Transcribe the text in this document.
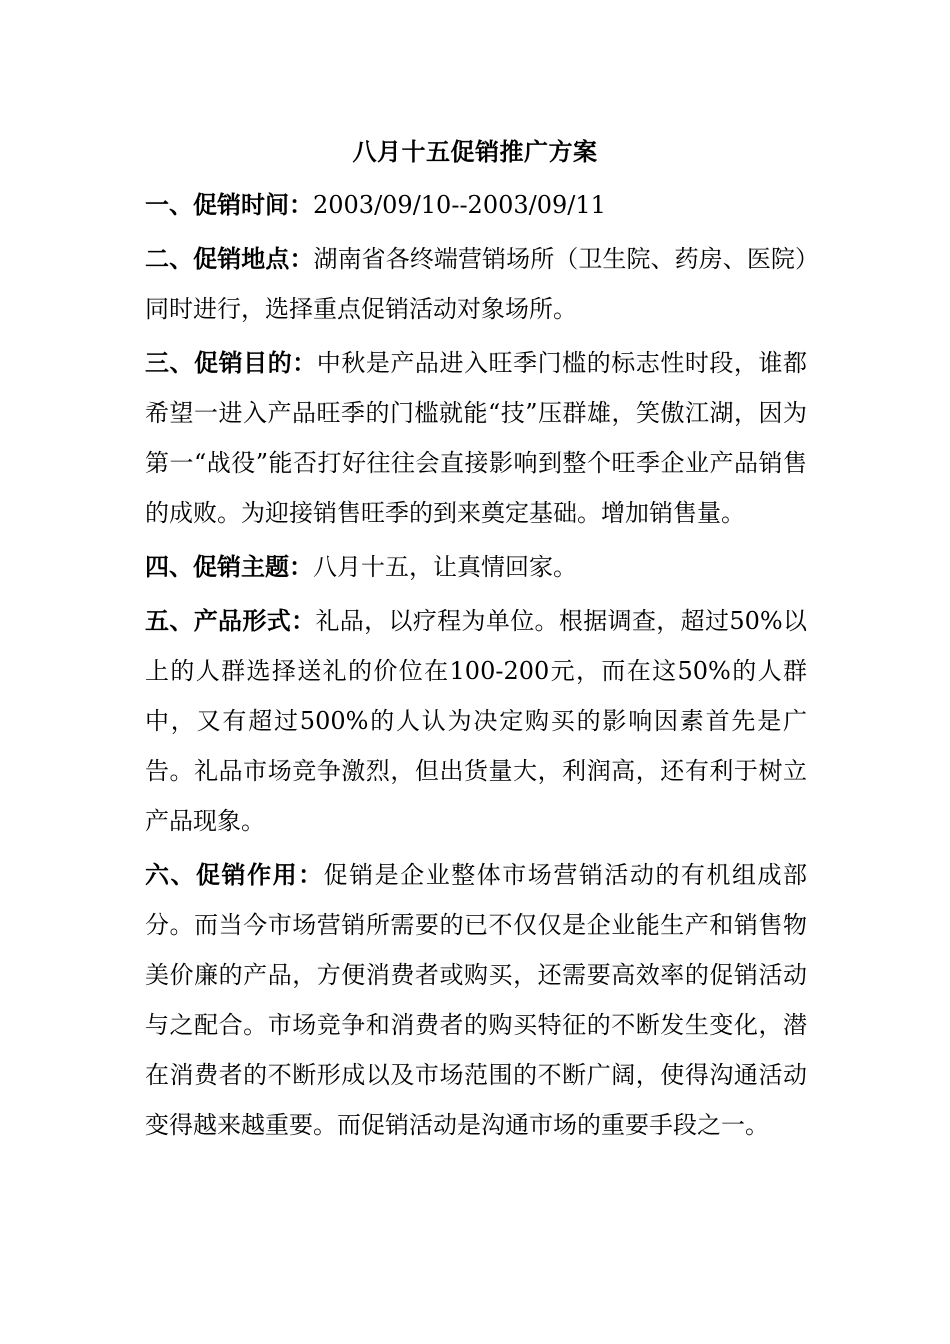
八月十五促销推广方案

一、促销时间：2003/09/10--2003/09/11

二、促销地点：湖南省各终端营销场所（卫生院、药房、医院）同时进行，选择重点促销活动对象场所。

三、促销目的：中秋是产品进入旺季门槛的标志性时段，谁都希望一进入产品旺季的门槛就能“技”压群雄，笑傲江湖，因为第一“战役”能否打好往往会直接影响到整个旺季企业产品销售的成败。为迎接销售旺季的到来奠定基础。增加销售量。

四、促销主题：八月十五，让真情回家。

五、产品形式：礼品，以疗程为单位。根据调查，超过50%以上的人群选择送礼的价位在100-200元，而在这50%的人群中，又有超过500%的人认为决定购买的影响因素首先是广告。礼品市场竞争激烈，但出货量大，利润高，还有利于树立产品现象。

六、促销作用：促销是企业整体市场营销活动的有机组成部分。而当今市场营销所需要的已不仅仅是企业能生产和销售物美价廉的产品，方便消费者或购买，还需要高效率的促销活动与之配合。市场竞争和消费者的购买特征的不断发生变化，潜在消费者的不断形成以及市场范围的不断广阔，使得沟通活动变得越来越重要。而促销活动是沟通市场的重要手段之一。
